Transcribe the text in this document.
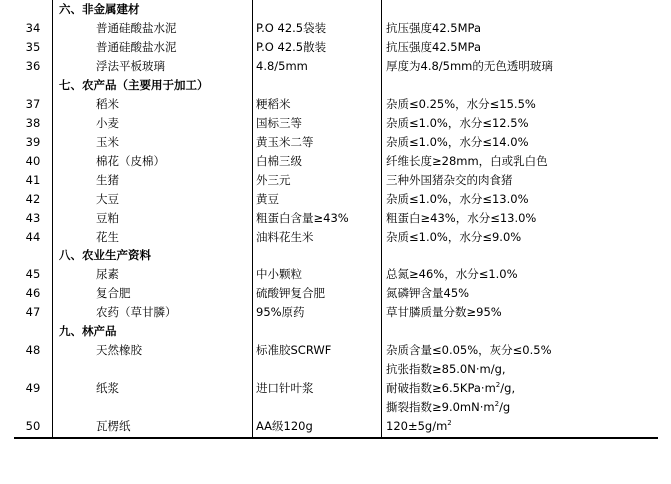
六、非金属建材
34	普通硅酸盐水泥	P.O 42.5袋装	抗压强度42.5MPa
35	普通硅酸盐水泥	P.O 42.5散装	抗压强度42.5MPa
36	浮法平板玻璃	4.8/5mm	厚度为4.8/5mm的无色透明玻璃
七、农产品（主要用于加工）
37	稻米	粳稻米	杂质≤0.25%，水分≤15.5%
38	小麦	国标三等	杂质≤1.0%，水分≤12.5%
39	玉米	黄玉米二等	杂质≤1.0%，水分≤14.0%
40	棉花（皮棉）	白棉三级	纤维长度≥28mm，白或乳白色
41	生猪	外三元	三种外国猪杂交的肉食猪
42	大豆	黄豆	杂质≤1.0%，水分≤13.0%
43	豆粕	粗蛋白含量≥43%	粗蛋白≥43%，水分≤13.0%
44	花生	油料花生米	杂质≤1.0%，水分≤9.0%
八、农业生产资料
45	尿素	中小颗粒	总氮≥46%，水分≤1.0%
46	复合肥	硫酸钾复合肥	氮磷钾含量45%
47	农药（草甘膦）	95%原药	草甘膦质量分数≥95%
九、林产品
48	天然橡胶	标准胶SCRWF	杂质含量≤0.05%，灰分≤0.5%
抗张指数≥85.0N·m/g,
49	纸浆	进口针叶浆	耐破指数$\ge 6.5KPa\cdot m^2/g$,
撕裂指数$\ge 9.0mN\cdot m^2/g$
50	瓦楞纸	AA级120g	$120\pm 5g/m^2$
